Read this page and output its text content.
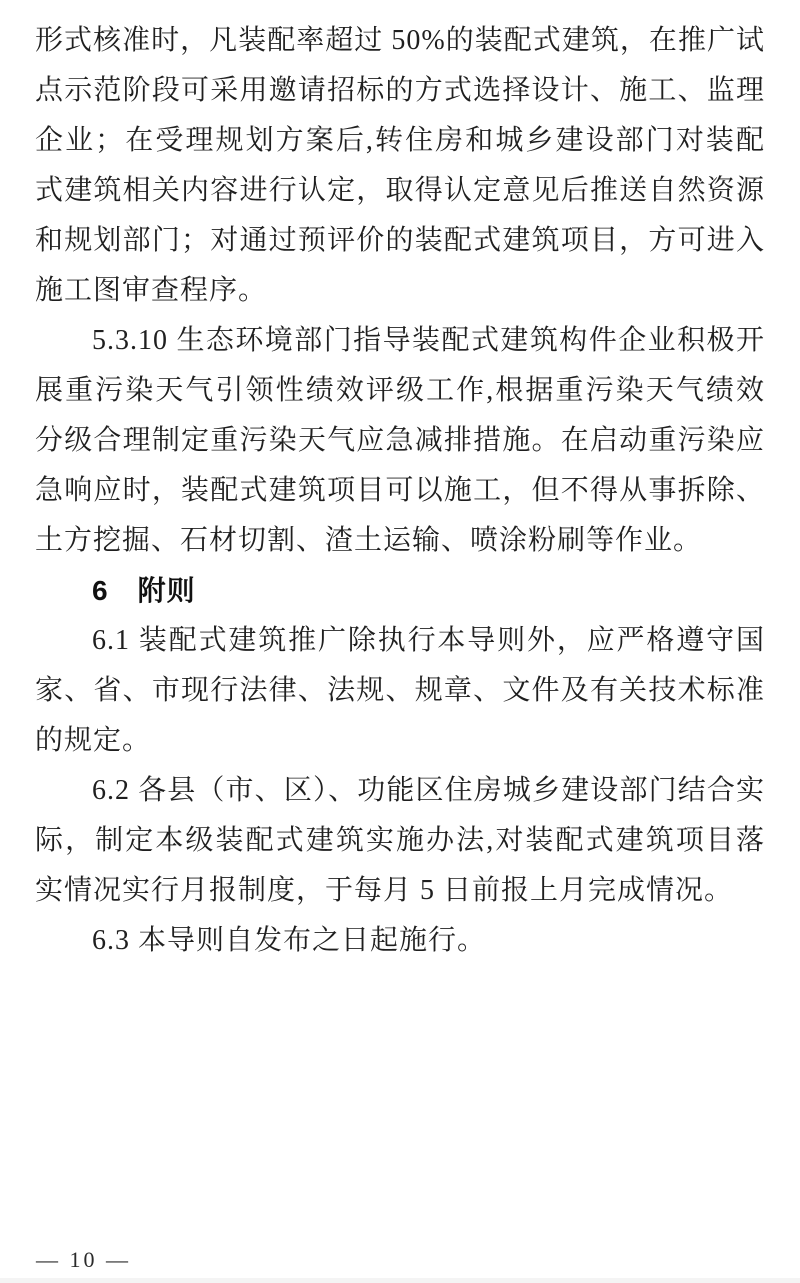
形式核准时，凡装配率超过 50%的装配式建筑，在推广试点示范阶段可采用邀请招标的方式选择设计、施工、监理企业；在受理规划方案后,转住房和城乡建设部门对装配式建筑相关内容进行认定，取得认定意见后推送自然资源和规划部门；对通过预评价的装配式建筑项目，方可进入施工图审查程序。

5.3.10 生态环境部门指导装配式建筑构件企业积极开展重污染天气引领性绩效评级工作,根据重污染天气绩效分级合理制定重污染天气应急减排措施。在启动重污染应急响应时，装配式建筑项目可以施工，但不得从事拆除、土方挖掘、石材切割、渣土运输、喷涂粉刷等作业。

6　附则

6.1 装配式建筑推广除执行本导则外，应严格遵守国家、省、市现行法律、法规、规章、文件及有关技术标准的规定。

6.2 各县（市、区）、功能区住房城乡建设部门结合实际，制定本级装配式建筑实施办法,对装配式建筑项目落实情况实行月报制度，于每月 5 日前报上月完成情况。

6.3 本导则自发布之日起施行。

— 10 —
